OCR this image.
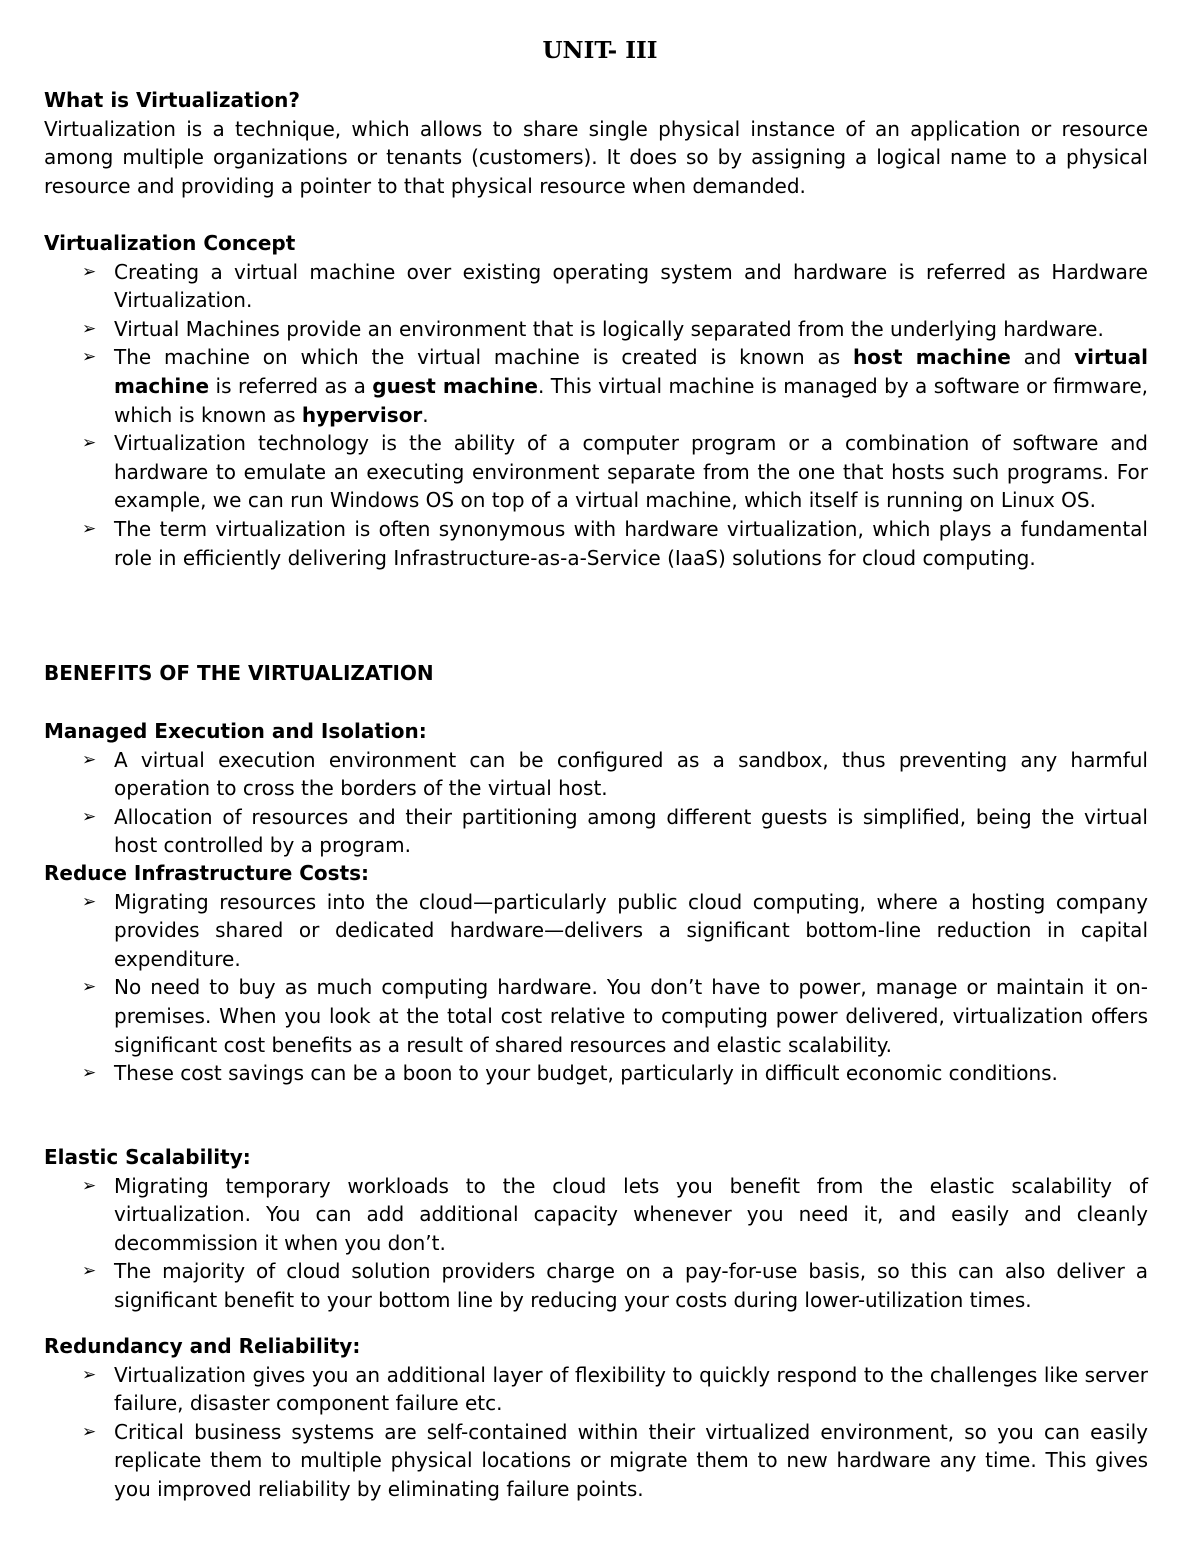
UNIT- III
What is Virtualization?

Virtualization is a technique, which allows to share single physical instance of an application or resource among multiple organizations or tenants (customers). It does so by assigning a logical name to a physical resource and providing a pointer to that physical resource when demanded.

Virtualization Concept
➢ Creating a virtual machine over existing operating system and hardware is referred as Hardware Virtualization.
➢ Virtual Machines provide an environment that is logically separated from the underlying hardware.
➢ The machine on which the virtual machine is created is known as host machine and virtual machine is referred as a guest machine. This virtual machine is managed by a software or firmware, which is known as hypervisor.
➢ Virtualization technology is the ability of a computer program or a combination of software and hardware to emulate an executing environment separate from the one that hosts such programs. For example, we can run Windows OS on top of a virtual machine, which itself is running on Linux OS.
➢ The term virtualization is often synonymous with hardware virtualization, which plays a fundamental role in efficiently delivering Infrastructure-as-a-Service (IaaS) solutions for cloud computing.
BENEFITS OF THE VIRTUALIZATION
Managed Execution and Isolation:
➢ A virtual execution environment can be configured as a sandbox, thus preventing any harmful operation to cross the borders of the virtual host.
➢ Allocation of resources and their partitioning among different guests is simplified, being the virtual host controlled by a program.
Reduce Infrastructure Costs:
➢ Migrating resources into the cloud—particularly public cloud computing, where a hosting company provides shared or dedicated hardware—delivers a significant bottom-line reduction in capital expenditure.
➢ No need to buy as much computing hardware. You don’t have to power, manage or maintain it on-premises. When you look at the total cost relative to computing power delivered, virtualization offers significant cost benefits as a result of shared resources and elastic scalability.
➢ These cost savings can be a boon to your budget, particularly in difficult economic conditions.
Elastic Scalability:
➢ Migrating temporary workloads to the cloud lets you benefit from the elastic scalability of virtualization. You can add additional capacity whenever you need it, and easily and cleanly decommission it when you don’t.
➢ The majority of cloud solution providers charge on a pay-for-use basis, so this can also deliver a significant benefit to your bottom line by reducing your costs during lower-utilization times.
Redundancy and Reliability:
➢ Virtualization gives you an additional layer of flexibility to quickly respond to the challenges like server failure, disaster component failure etc.
➢ Critical business systems are self-contained within their virtualized environment, so you can easily replicate them to multiple physical locations or migrate them to new hardware any time. This gives you improved reliability by eliminating failure points.
